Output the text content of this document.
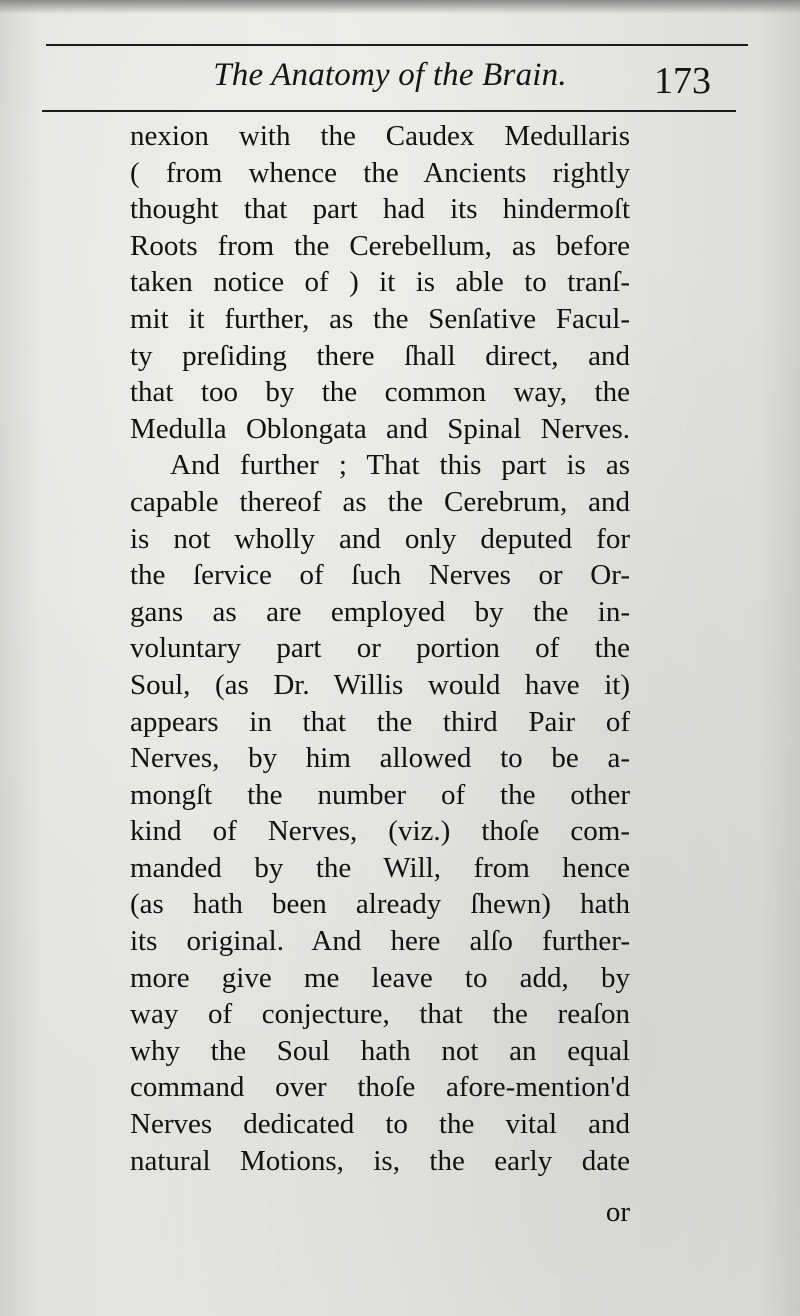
The Anatomy of the Brain.	173
nexion with the Caudex Medullaris
( from whence the Ancients rightly
thought that part had its hindermoſt
Roots from the Cerebellum, as before
taken notice of ) it is able to tranſ-
mit it further, as the Senſative Facul-
ty preſiding there ſhall direct, and
that too by the common way, the
Medulla Oblongata and Spinal Nerves.
And further ; That this part is as
capable thereof as the Cerebrum, and
is not wholly and only deputed for
the ſervice of ſuch Nerves or Or-
gans as are employed by the in-
voluntary part or portion of the
Soul, (as Dr. Willis would have it)
appears in that the third Pair of
Nerves, by him allowed to be a-
mongſt the number of the other
kind of Nerves, (viz.) thoſe com-
manded by the Will, from hence
(as hath been already ſhewn) hath
its original. And here alſo further-
more give me leave to add, by
way of conjecture, that the reaſon
why the Soul hath not an equal
command over thoſe afore-mention'd
Nerves dedicated to the vital and
natural Motions, is, the early date
or
